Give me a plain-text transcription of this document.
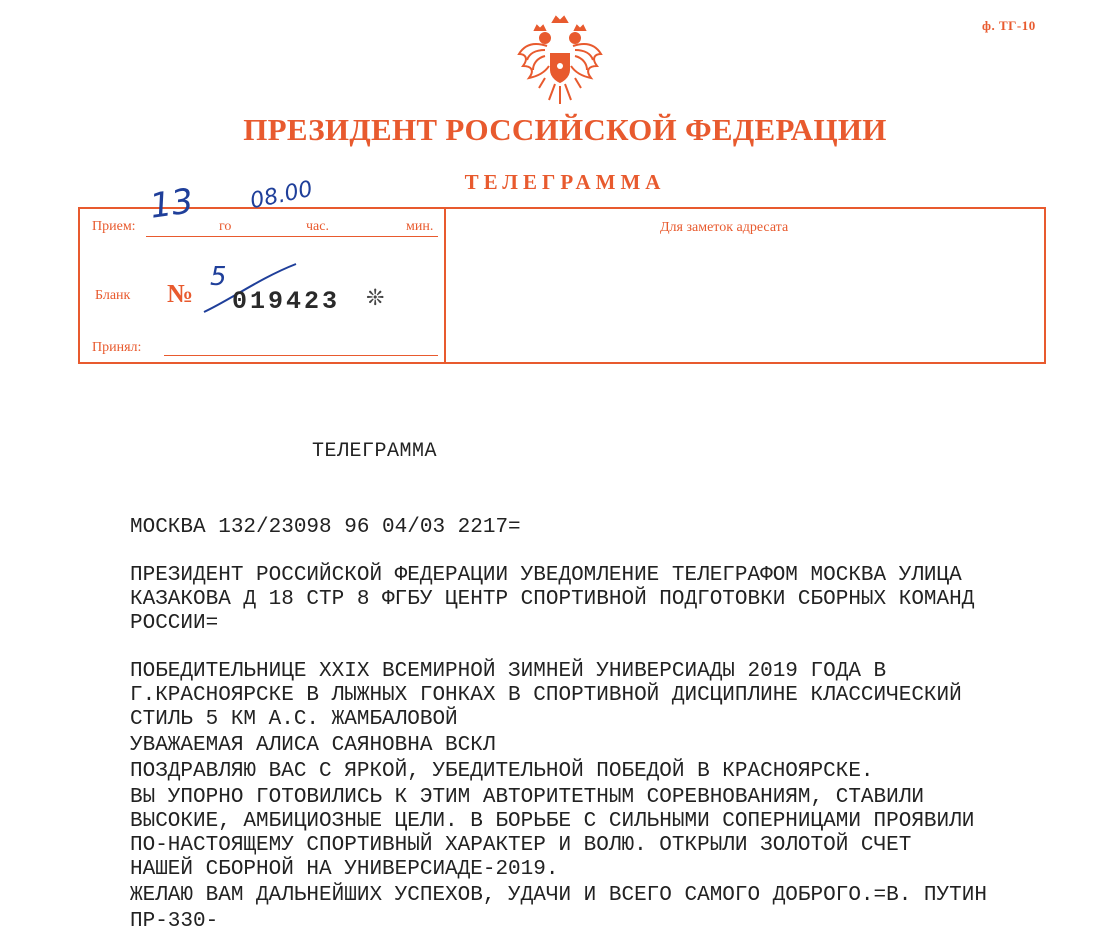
ф. ТГ-10
ПРЕЗИДЕНТ РОССИЙСКОЙ ФЕДЕРАЦИИ
ТЕЛЕГРАММА
Прием:	го	час.	мин.
13 08.00
Бланк №
5
019423 ❊
Принял:
Для заметок адресата
ТЕЛЕГРАММА
МОСКВА 132/23098 96 04/03 2217=
ПРЕЗИДЕНТ РОССИЙСКОЙ ФЕДЕРАЦИИ УВЕДОМЛЕНИЕ ТЕЛЕГРАФОМ МОСКВА УЛИЦА
КАЗАКОВА Д 18 СТР 8 ФГБУ ЦЕНТР СПОРТИВНОЙ ПОДГОТОВКИ СБОРНЫХ КОМАНД
РОССИИ=
ПОБЕДИТЕЛЬНИЦЕ XXIX ВСЕМИРНОЙ ЗИМНЕЙ УНИВЕРСИАДЫ 2019 ГОДА В
Г.КРАСНОЯРСКЕ В ЛЫЖНЫХ ГОНКАХ В СПОРТИВНОЙ ДИСЦИПЛИНЕ КЛАССИЧЕСКИЙ
СТИЛЬ 5 КМ А.С. ЖАМБАЛОВОЙ
УВАЖАЕМАЯ АЛИСА САЯНОВНА ВСКЛ
ПОЗДРАВЛЯЮ ВАС С ЯРКОЙ, УБЕДИТЕЛЬНОЙ ПОБЕДОЙ В КРАСНОЯРСКЕ.
ВЫ УПОРНО ГОТОВИЛИСЬ К ЭТИМ АВТОРИТЕТНЫМ СОРЕВНОВАНИЯМ, СТАВИЛИ
ВЫСОКИЕ, АМБИЦИОЗНЫЕ ЦЕЛИ. В БОРЬБЕ С СИЛЬНЫМИ СОПЕРНИЦАМИ ПРОЯВИЛИ
ПО-НАСТОЯЩЕМУ СПОРТИВНЫЙ ХАРАКТЕР И ВОЛЮ. ОТКРЫЛИ ЗОЛОТОЙ СЧЕТ
НАШЕЙ СБОРНОЙ НА УНИВЕРСИАДЕ-2019.
ЖЕЛАЮ ВАМ ДАЛЬНЕЙШИХ УСПЕХОВ, УДАЧИ И ВСЕГО САМОГО ДОБРОГО.=В. ПУТИН
ПР-330-
